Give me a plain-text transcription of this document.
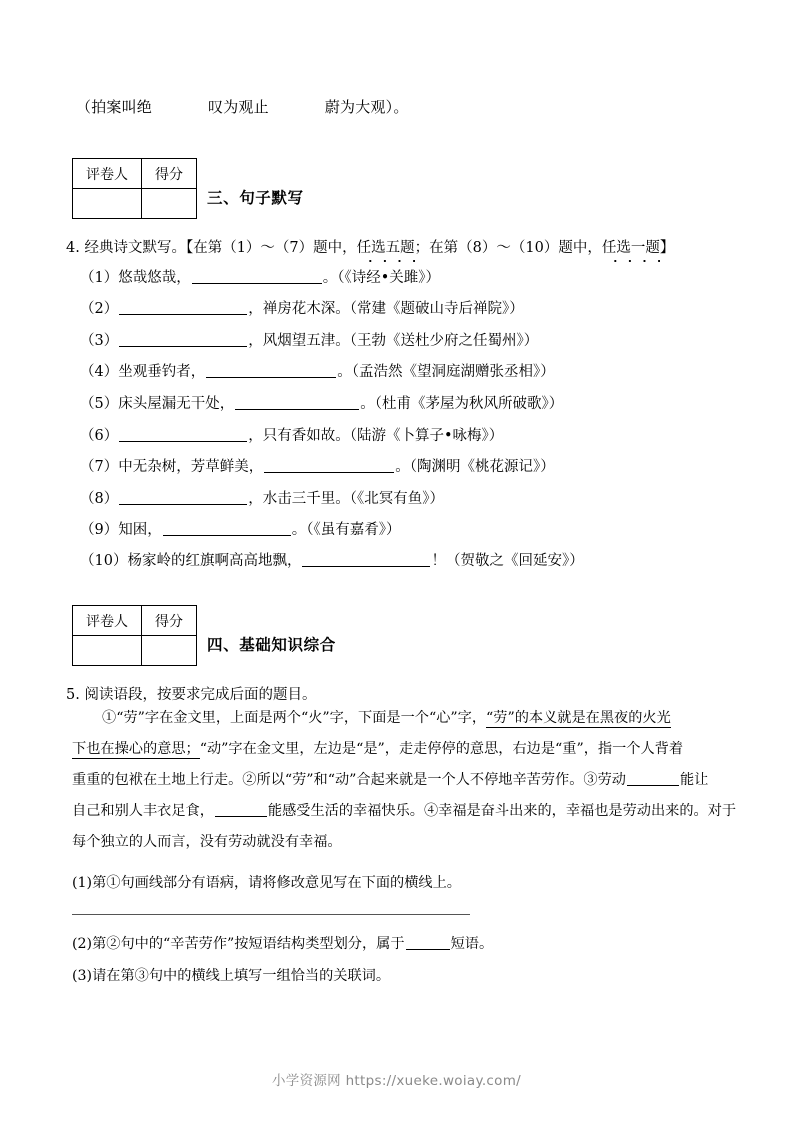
（拍案叫绝	叹为观止	蔚为大观）。
评卷人	得分

三、句子默写
4. 经典诗文默写。【在第（1）～（7）题中，任选五题；在第（8）～（10）题中，任选一题】
（1）悠哉悠哉，	。（《诗经•关雎》）
（2）	，禅房花木深。（常建《题破山寺后禅院》）
（3）	，风烟望五津。（王勃《送杜少府之任蜀州》）
（4）坐观垂钓者，	。（孟浩然《望洞庭湖赠张丞相》）
（5）床头屋漏无干处，	。（杜甫《茅屋为秋风所破歌》）
（6）	，只有香如故。（陆游《卜算子•咏梅》）
（7）中无杂树，芳草鲜美，	。（陶渊明《桃花源记》）
（8）	，水击三千里。（《北冥有鱼》）
（9）知困，	。（《虽有嘉肴》）
（10）杨家岭的红旗啊高高地飘，	！（贺敬之《回延安》）
评卷人	得分

四、基础知识综合
5. 阅读语段，按要求完成后面的题目。
①“劳”字在金文里，上面是两个“火”字，下面是一个“心”字，“劳”的本义就是在黑夜的火光
下也在操心的意思；“动”字在金文里，左边是“是”，走走停停的意思，右边是“重”，指一个人背着
重重的包袱在土地上行走。②所以“劳”和“动”合起来就是一个人不停地辛苦劳作。③劳动	能让
自己和别人丰衣足食，	能感受生活的幸福快乐。④幸福是奋斗出来的，幸福也是劳动出来的。对于
每个独立的人而言，没有劳动就没有幸福。
(1)第①句画线部分有语病，请将修改意见写在下面的横线上。
(2)第②句中的“辛苦劳作”按短语结构类型划分，属于	短语。
(3)请在第③句中的横线上填写一组恰当的关联词。
小学资源网 https://xueke.woiay.com/
